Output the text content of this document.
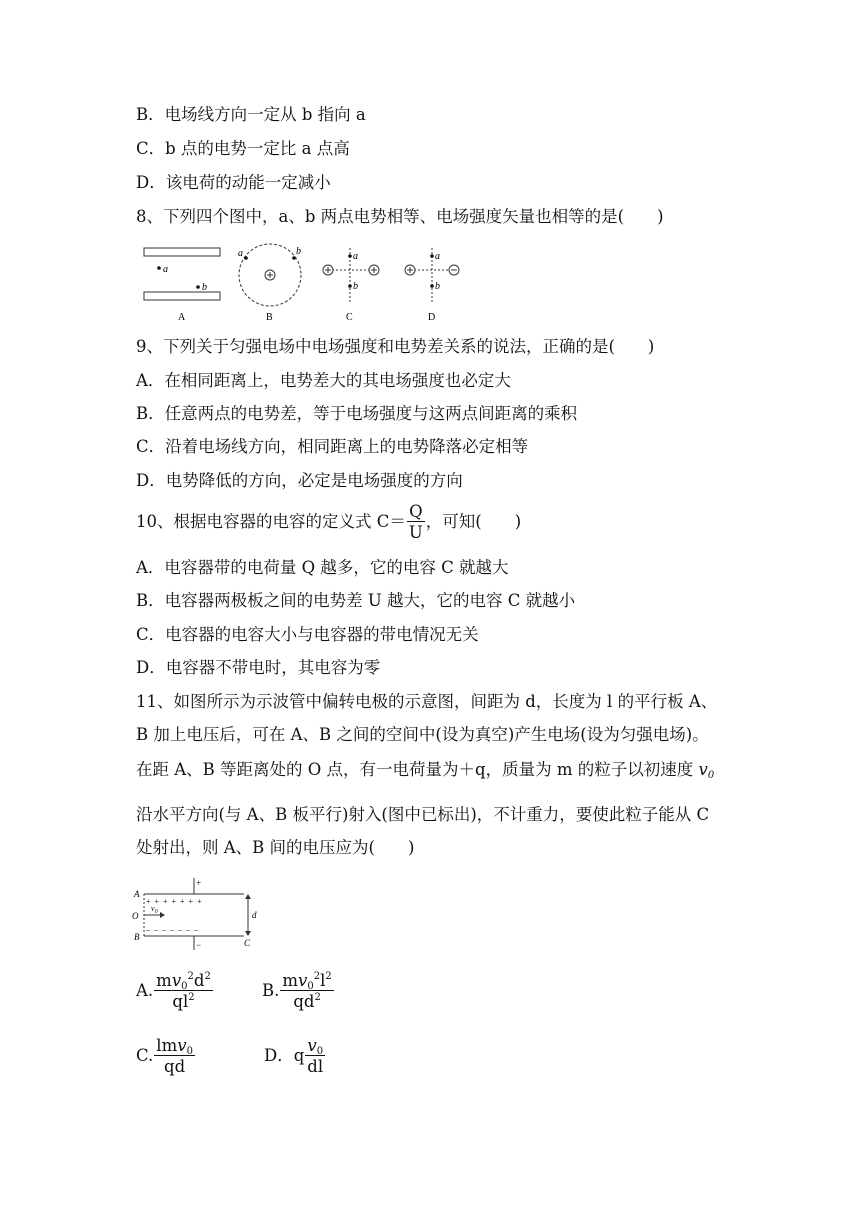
B．电场线方向一定从 b 指向 a
C．b 点的电势一定比 a 点高
D．该电荷的动能一定减小
8、下列四个图中，a、b 两点电势相等、电场强度矢量也相等的是(　　)
a
b
A
a	b
B
a
b
C
a
b
D
9、下列关于匀强电场中电场强度和电势差关系的说法，正确的是(　　)
A．在相同距离上，电势差大的其电场强度也必定大
B．任意两点的电势差，等于电场强度与这两点间距离的乘积
C．沿着电场线方向，相同距离上的电势降落必定相等
D．电势降低的方向，必定是电场强度的方向
10、根据电容器的电容的定义式 $C= \frac{Q}{U}$ ，可知(　　)
A．电容器带的电荷量 Q 越多，它的电容 C 就越大
B．电容器两极板之间的电势差 U 越大，它的电容 C 就越小
C．电容器的电容大小与电容器的带电情况无关
D．电容器不带电时，其电容为零
11、如图所示为示波管中偏转电极的示意图，间距为 d，长度为 l 的平行板 A、
B 加上电压后，可在 A、B 之间的空间中(设为真空)产生电场(设为匀强电场)。
在距 A、B 等距离处的 O 点，有一电荷量为＋q，质量为 m 的粒子以初速度 $v_0$
沿水平方向(与 A、B 板平行)射入(图中已标出)，不计重力，要使此粒子能从 C
处射出，则 A、B 间的电压应为(　　)
+
A
+  +  +  +  +  +  +
B
–  –  –  –  –  –  –
−
O
$v_0$	d
C
A. $\frac{mv_0^2d^2}{ql^2}$	B. $\frac{mv_0^2l^2}{qd^2}$
C. $\frac{lmv_0}{qd}$	D．q $\frac{v_0}{dl}$
